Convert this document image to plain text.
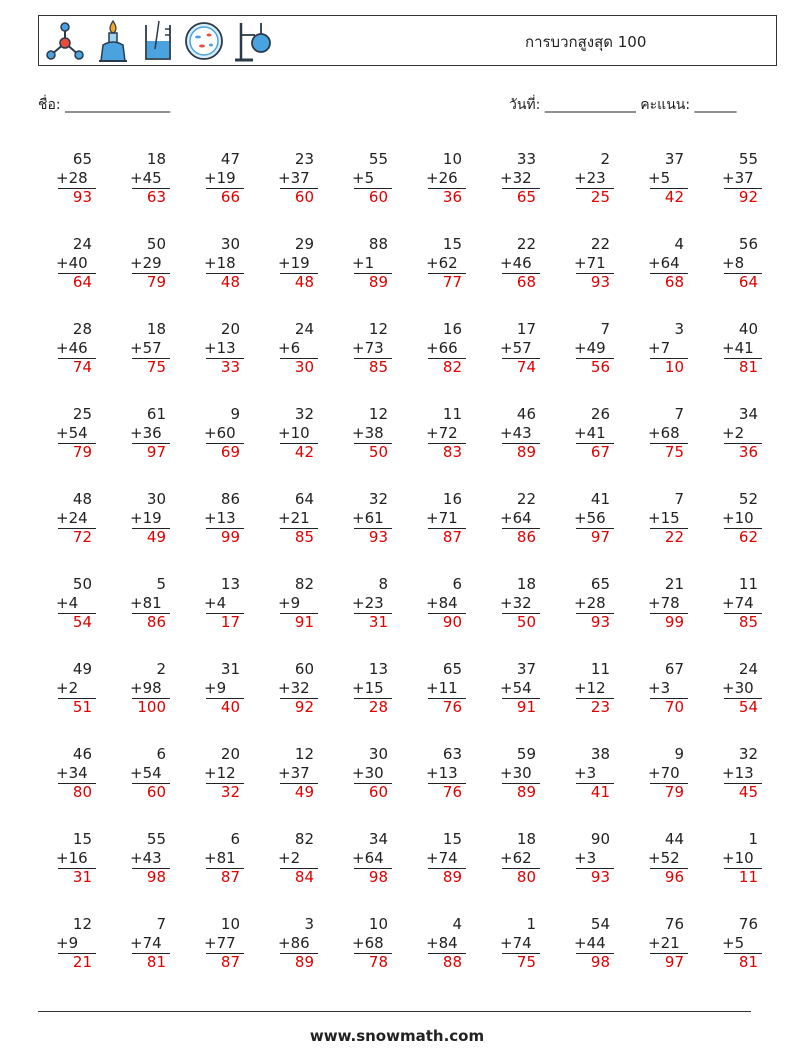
การบวกสูงสุด 100
ชื่อ: _______________	วันที่: _____________ คะแนน: ______
65
+28
93
18
+45
63
47
+19
66
23
+37
60
55
+5
60
10
+26
36
33
+32
65
2
+23
25
37
+5
42
55
+37
92
24
+40
64
50
+29
79
30
+18
48
29
+19
48
88
+1
89
15
+62
77
22
+46
68
22
+71
93
4
+64
68
56
+8
64
28
+46
74
18
+57
75
20
+13
33
24
+6
30
12
+73
85
16
+66
82
17
+57
74
7
+49
56
3
+7
10
40
+41
81
25
+54
79
61
+36
97
9
+60
69
32
+10
42
12
+38
50
11
+72
83
46
+43
89
26
+41
67
7
+68
75
34
+2
36
48
+24
72
30
+19
49
86
+13
99
64
+21
85
32
+61
93
16
+71
87
22
+64
86
41
+56
97
7
+15
22
52
+10
62
50
+4
54
5
+81
86
13
+4
17
82
+9
91
8
+23
31
6
+84
90
18
+32
50
65
+28
93
21
+78
99
11
+74
85
49
+2
51
2
+98
100
31
+9
40
60
+32
92
13
+15
28
65
+11
76
37
+54
91
11
+12
23
67
+3
70
24
+30
54
46
+34
80
6
+54
60
20
+12
32
12
+37
49
30
+30
60
63
+13
76
59
+30
89
38
+3
41
9
+70
79
32
+13
45
15
+16
31
55
+43
98
6
+81
87
82
+2
84
34
+64
98
15
+74
89
18
+62
80
90
+3
93
44
+52
96
1
+10
11
12
+9
21
7
+74
81
10
+77
87
3
+86
89
10
+68
78
4
+84
88
1
+74
75
54
+44
98
76
+21
97
76
+5
81
www.snowmath.com
